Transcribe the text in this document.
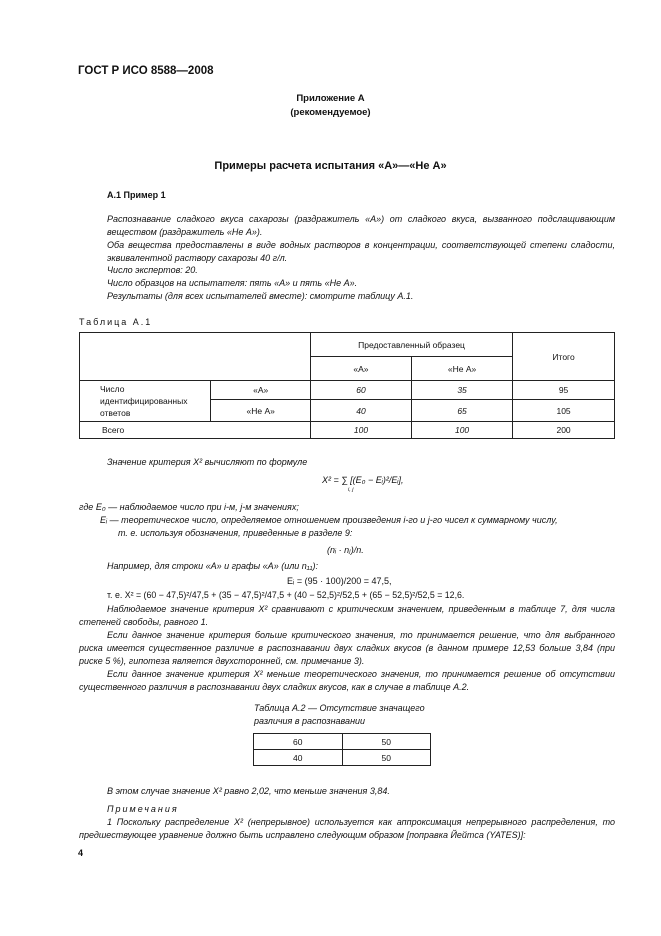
ГОСТ Р ИСО 8588—2008
Приложение А
(рекомендуемое)
Примеры расчета испытания «А»—«Не А»
А.1 Пример 1
Распознавание сладкого вкуса сахарозы (раздражитель «А») от сладкого вкуса, вызванного подслащивающим веществом (раздражитель «Не А»).
Оба вещества предоставлены в виде водных растворов в концентрации, соответствующей степени сладости, эквивалентной раствору сахарозы 40 г/л.
Число экспертов: 20.
Число образцов на испытателя: пять «А» и пять «Не А».
Результаты (для всех испытателей вместе): смотрите таблицу А.1.
Таблица А.1
		Предоставленный образец		Итого
		«А»	«Не А»	
Число идентифицированных ответов	«А»	60	35	95
	«Не А»	40	65	105
Всего		100	100	200
Значение критерия X² вычисляют по формуле
X² = ∑ [(E₀ − Eᵢ)²/Eᵢ],
i, j
где E₀ — наблюдаемое число при i-м, j-м значениях;
Eᵢ — теоретическое число, определяемое отношением произведения i-го и j-го чисел к суммарному числу,
т. е. используя обозначения, приведенные в разделе 9:
(nᵢ · nⱼ)/n.
Например, для строки «А» и графы «А» (или n₁₁):
Eᵢ = (95 · 100)/200 = 47,5,
т. е. X² = (60 − 47,5)²/47,5 + (35 − 47,5)²/47,5 + (40 − 52,5)²/52,5 + (65 − 52,5)²/52,5 = 12,6.
Наблюдаемое значение критерия X² сравнивают с критическим значением, приведенным в таблице 7, для числа степеней свободы, равного 1.
Если данное значение критерия больше критического значения, то принимается решение, что для выбранного риска имеется существенное различие в распознавании двух сладких вкусов (в данном примере 12,53 больше 3,84 (при риске 5 %), гипотеза является двухсторонней, см. примечание 3).
Если данное значение критерия X² меньше теоретического значения, то принимается решение об отсутствии существенного различия в распознавании двух сладких вкусов, как в случае в таблице А.2.
Таблица А.2 — Отсутствие значащего
различия в распознавании
60	50
40	50
В этом случае значение X² равно 2,02, что меньше значения 3,84.
Примечания
1 Поскольку распределение X² (непрерывное) используется как аппроксимация непрерывного распределения, то предшествующее уравнение должно быть исправлено следующим образом [поправка Йейтса (YATES)]:
4
